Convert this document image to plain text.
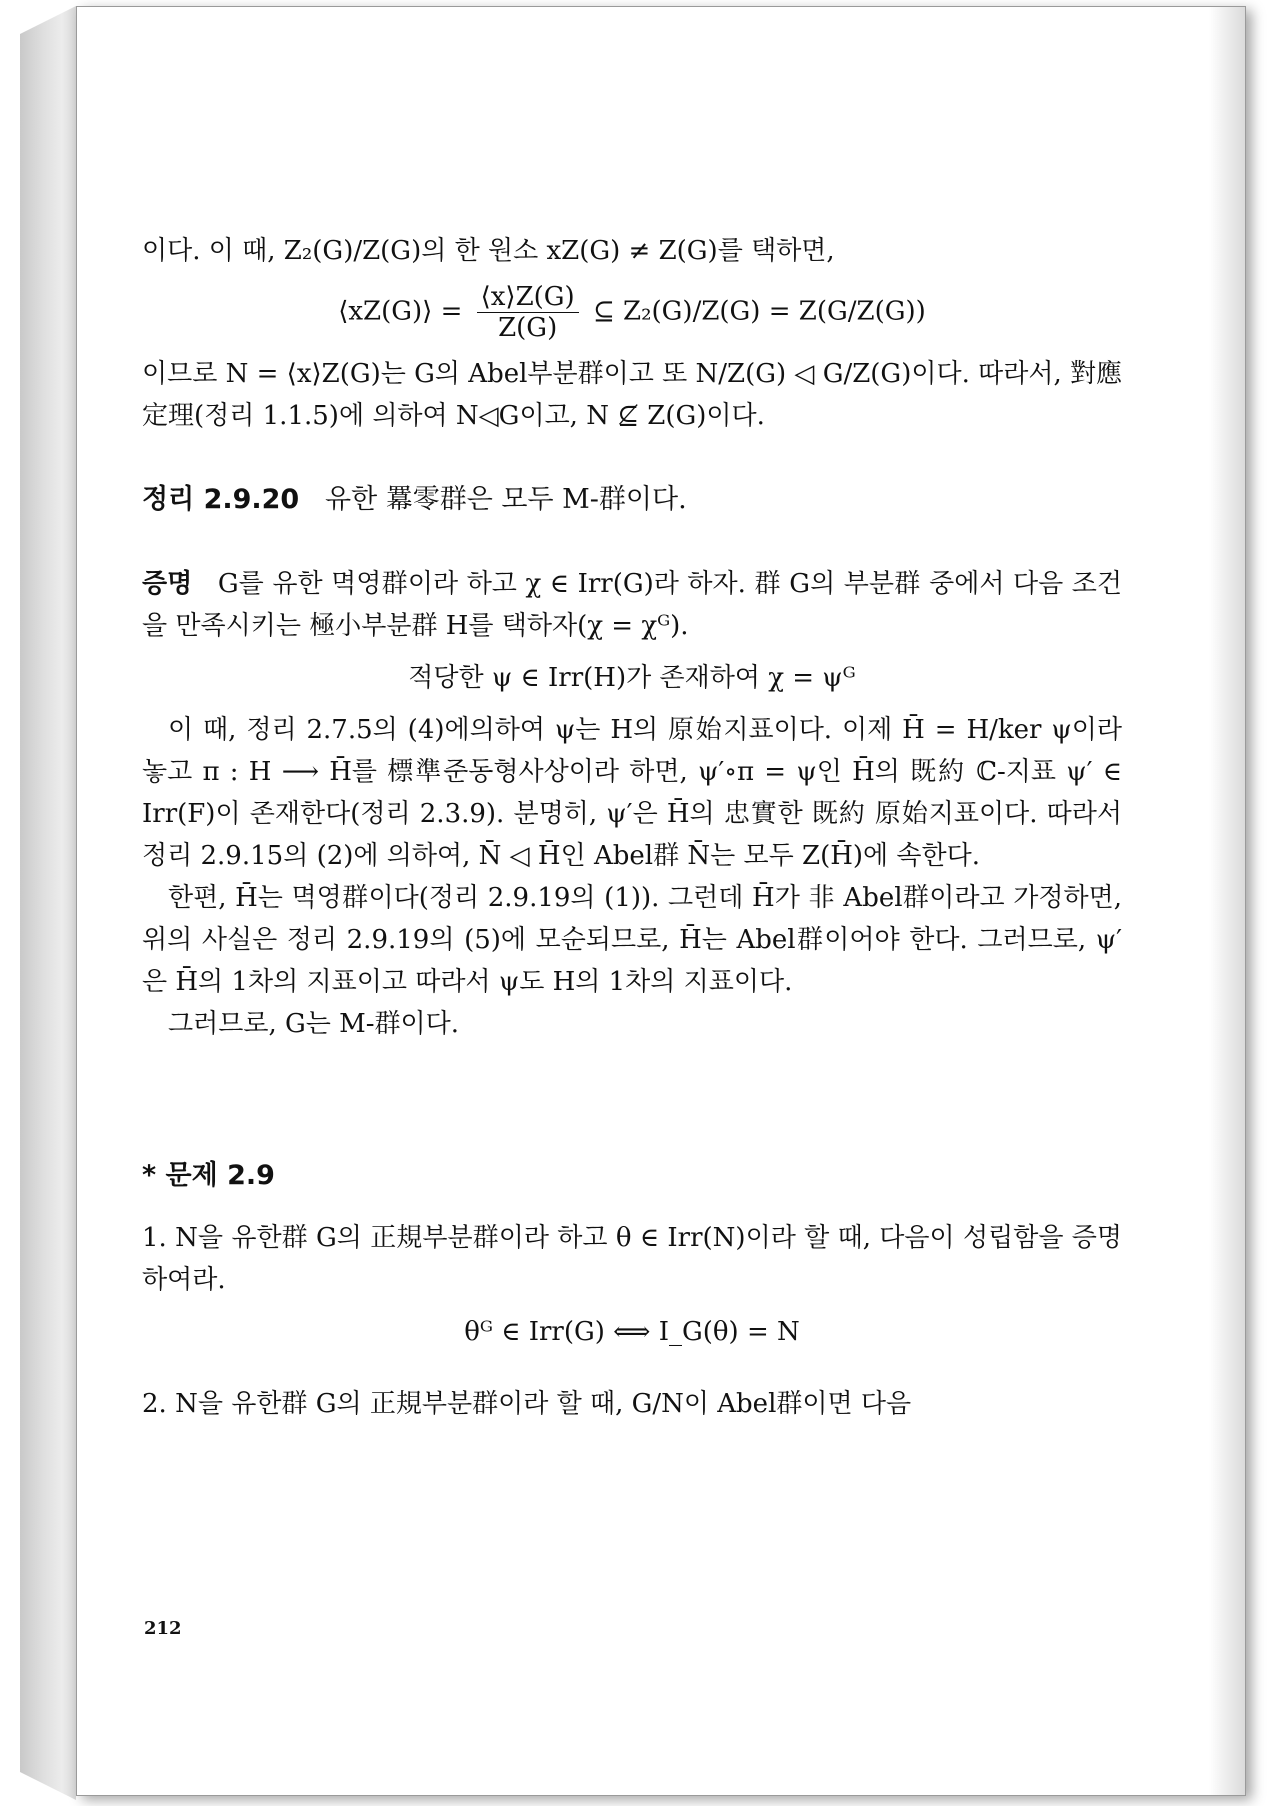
이다. 이 때, Z₂(G)/Z(G)의 한 원소 xZ(G) ≠ Z(G)를 택하면,

⟨xZ(G)⟩ = $\frac{⟨x⟩Z(G)}{Z(G)}$ ⊆ Z₂(G)/Z(G) = Z(G/Z(G))

이므로 N = ⟨x⟩Z(G)는 G의 Abel부분群이고 또 N/Z(G) ◁ G/Z(G)이다. 따라서, 對應定理(정리 1.1.5)에 의하여 N◁G이고, N ⊈ Z(G)이다.

정리 2.9.20 유한 羃零群은 모두 M-群이다.

증명 G를 유한 멱영群이라 하고 χ ∈ Irr(G)라 하자. 群 G의 부분群 중에서 다음 조건을 만족시키는 極小부분群 H를 택하자(χ = χᴳ).

적당한 ψ ∈ Irr(H)가 존재하여 χ = ψᴳ

이 때, 정리 2.7.5의 (4)에의하여 ψ는 H의 原始지표이다. 이제 H̄ = H/ker ψ이라 놓고 π : H ⟶ H̄를 標準준동형사상이라 하면, ψ′∘π = ψ인 H̄의 既約 ℂ-지표 ψ′ ∈ Irr(F)이 존재한다(정리 2.3.9). 분명히, ψ′은 H̄의 忠實한 既約 原始지표이다. 따라서 정리 2.9.15의 (2)에 의하여, N̄ ◁ H̄인 Abel群 N̄는 모두 Z(H̄)에 속한다.

한편, H̄는 멱영群이다(정리 2.9.19의 (1)). 그런데 H̄가 非 Abel群이라고 가정하면, 위의 사실은 정리 2.9.19의 (5)에 모순되므로, H̄는 Abel群이어야 한다. 그러므로, ψ′은 H̄의 1차의 지표이고 따라서 ψ도 H의 1차의 지표이다.

그러므로, G는 M-群이다.

* 문제 2.9

1. N을 유한群 G의 正規부분群이라 하고 θ ∈ Irr(N)이라 할 때, 다음이 성립함을 증명하여라.

θᴳ ∈ Irr(G) ⟺ I_G(θ) = N

2. N을 유한群 G의 正規부분群이라 할 때, G/N이 Abel群이면 다음

212
